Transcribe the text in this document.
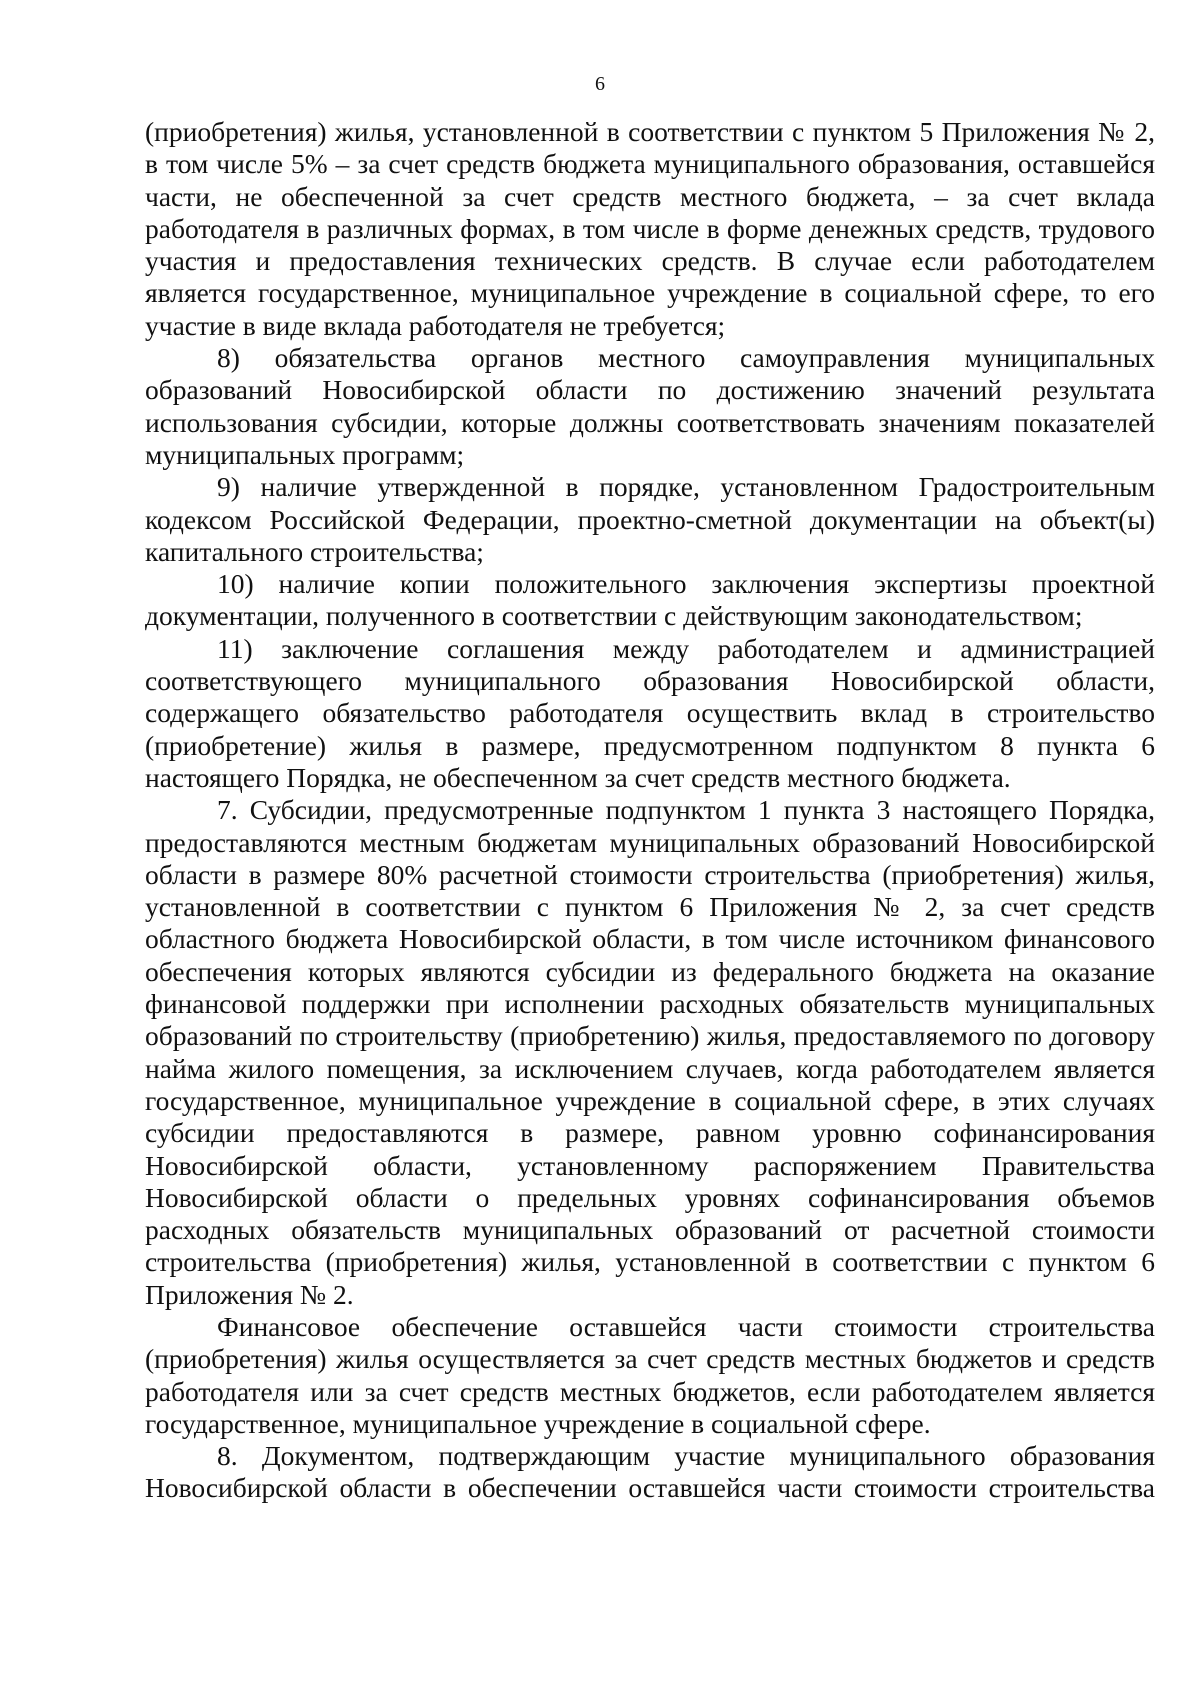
6

(приобретения) жилья, установленной в соответствии с пунктом 5 Приложения № 2, в том числе 5% – за счет средств бюджета муниципального образования, оставшейся части, не обеспеченной за счет средств местного бюджета, – за счет вклада работодателя в различных формах, в том числе в форме денежных средств, трудового участия и предоставления технических средств. В случае если работодателем является государственное, муниципальное учреждение в социальной сфере, то его участие в виде вклада работодателя не требуется;

8) обязательства органов местного самоуправления муниципальных образований Новосибирской области по достижению значений результата использования субсидии, которые должны соответствовать значениям показателей муниципальных программ;

9) наличие утвержденной в порядке, установленном Градостроительным кодексом Российской Федерации, проектно-сметной документации на объект(ы) капитального строительства;

10) наличие копии положительного заключения экспертизы проектной документации, полученного в соответствии с действующим законодательством;

11) заключение соглашения между работодателем и администрацией соответствующего муниципального образования Новосибирской области, содержащего обязательство работодателя осуществить вклад в строительство (приобретение) жилья в размере, предусмотренном подпунктом 8 пункта 6 настоящего Порядка, не обеспеченном за счет средств местного бюджета.

7. Субсидии, предусмотренные подпунктом 1 пункта 3 настоящего Порядка, предоставляются местным бюджетам муниципальных образований Новосибирской области в размере 80% расчетной стоимости строительства (приобретения) жилья, установленной в соответствии с пунктом 6 Приложения № 2, за счет средств областного бюджета Новосибирской области, в том числе источником финансового обеспечения которых являются субсидии из федерального бюджета на оказание финансовой поддержки при исполнении расходных обязательств муниципальных образований по строительству (приобретению) жилья, предоставляемого по договору найма жилого помещения, за исключением случаев, когда работодателем является государственное, муниципальное учреждение в социальной сфере, в этих случаях субсидии предоставляются в размере, равном уровню софинансирования Новосибирской области, установленному распоряжением Правительства Новосибирской области о предельных уровнях софинансирования объемов расходных обязательств муниципальных образований от расчетной стоимости строительства (приобретения) жилья, установленной в соответствии с пунктом 6 Приложения № 2.

Финансовое обеспечение оставшейся части стоимости строительства (приобретения) жилья осуществляется за счет средств местных бюджетов и средств работодателя или за счет средств местных бюджетов, если работодателем является государственное, муниципальное учреждение в социальной сфере.

8. Документом, подтверждающим участие муниципального образования Новосибирской области в обеспечении оставшейся части стоимости строительства
